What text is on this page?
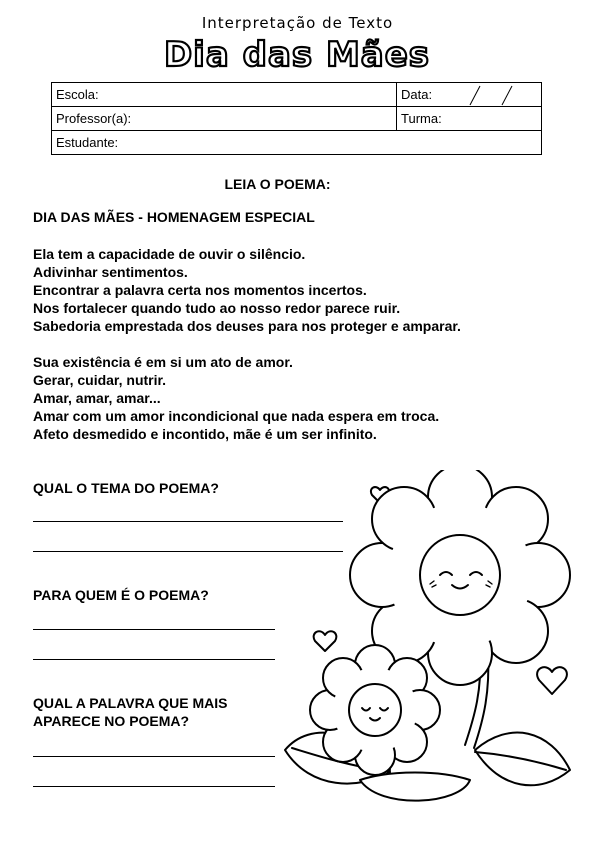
Interpretação de Texto
Dia das Mães
Escola:	Data:
Professor(a):	Turma:
Estudante:	
LEIA O POEMA:
DIA DAS MÃES - HOMENAGEM ESPECIAL
Ela tem a capacidade de ouvir o silêncio.
Adivinhar sentimentos.
Encontrar a palavra certa nos momentos incertos.
Nos fortalecer quando tudo ao nosso redor parece ruir.
Sabedoria emprestada dos deuses para nos proteger e amparar.
Sua existência é em si um ato de amor.
Gerar, cuidar, nutrir.
Amar, amar, amar...
Amar com um amor incondicional que nada espera em troca.
Afeto desmedido e incontido, mãe é um ser infinito.
QUAL O TEMA DO POEMA?
PARA QUEM É O POEMA?
QUAL A PALAVRA QUE MAIS
APARECE NO POEMA?
